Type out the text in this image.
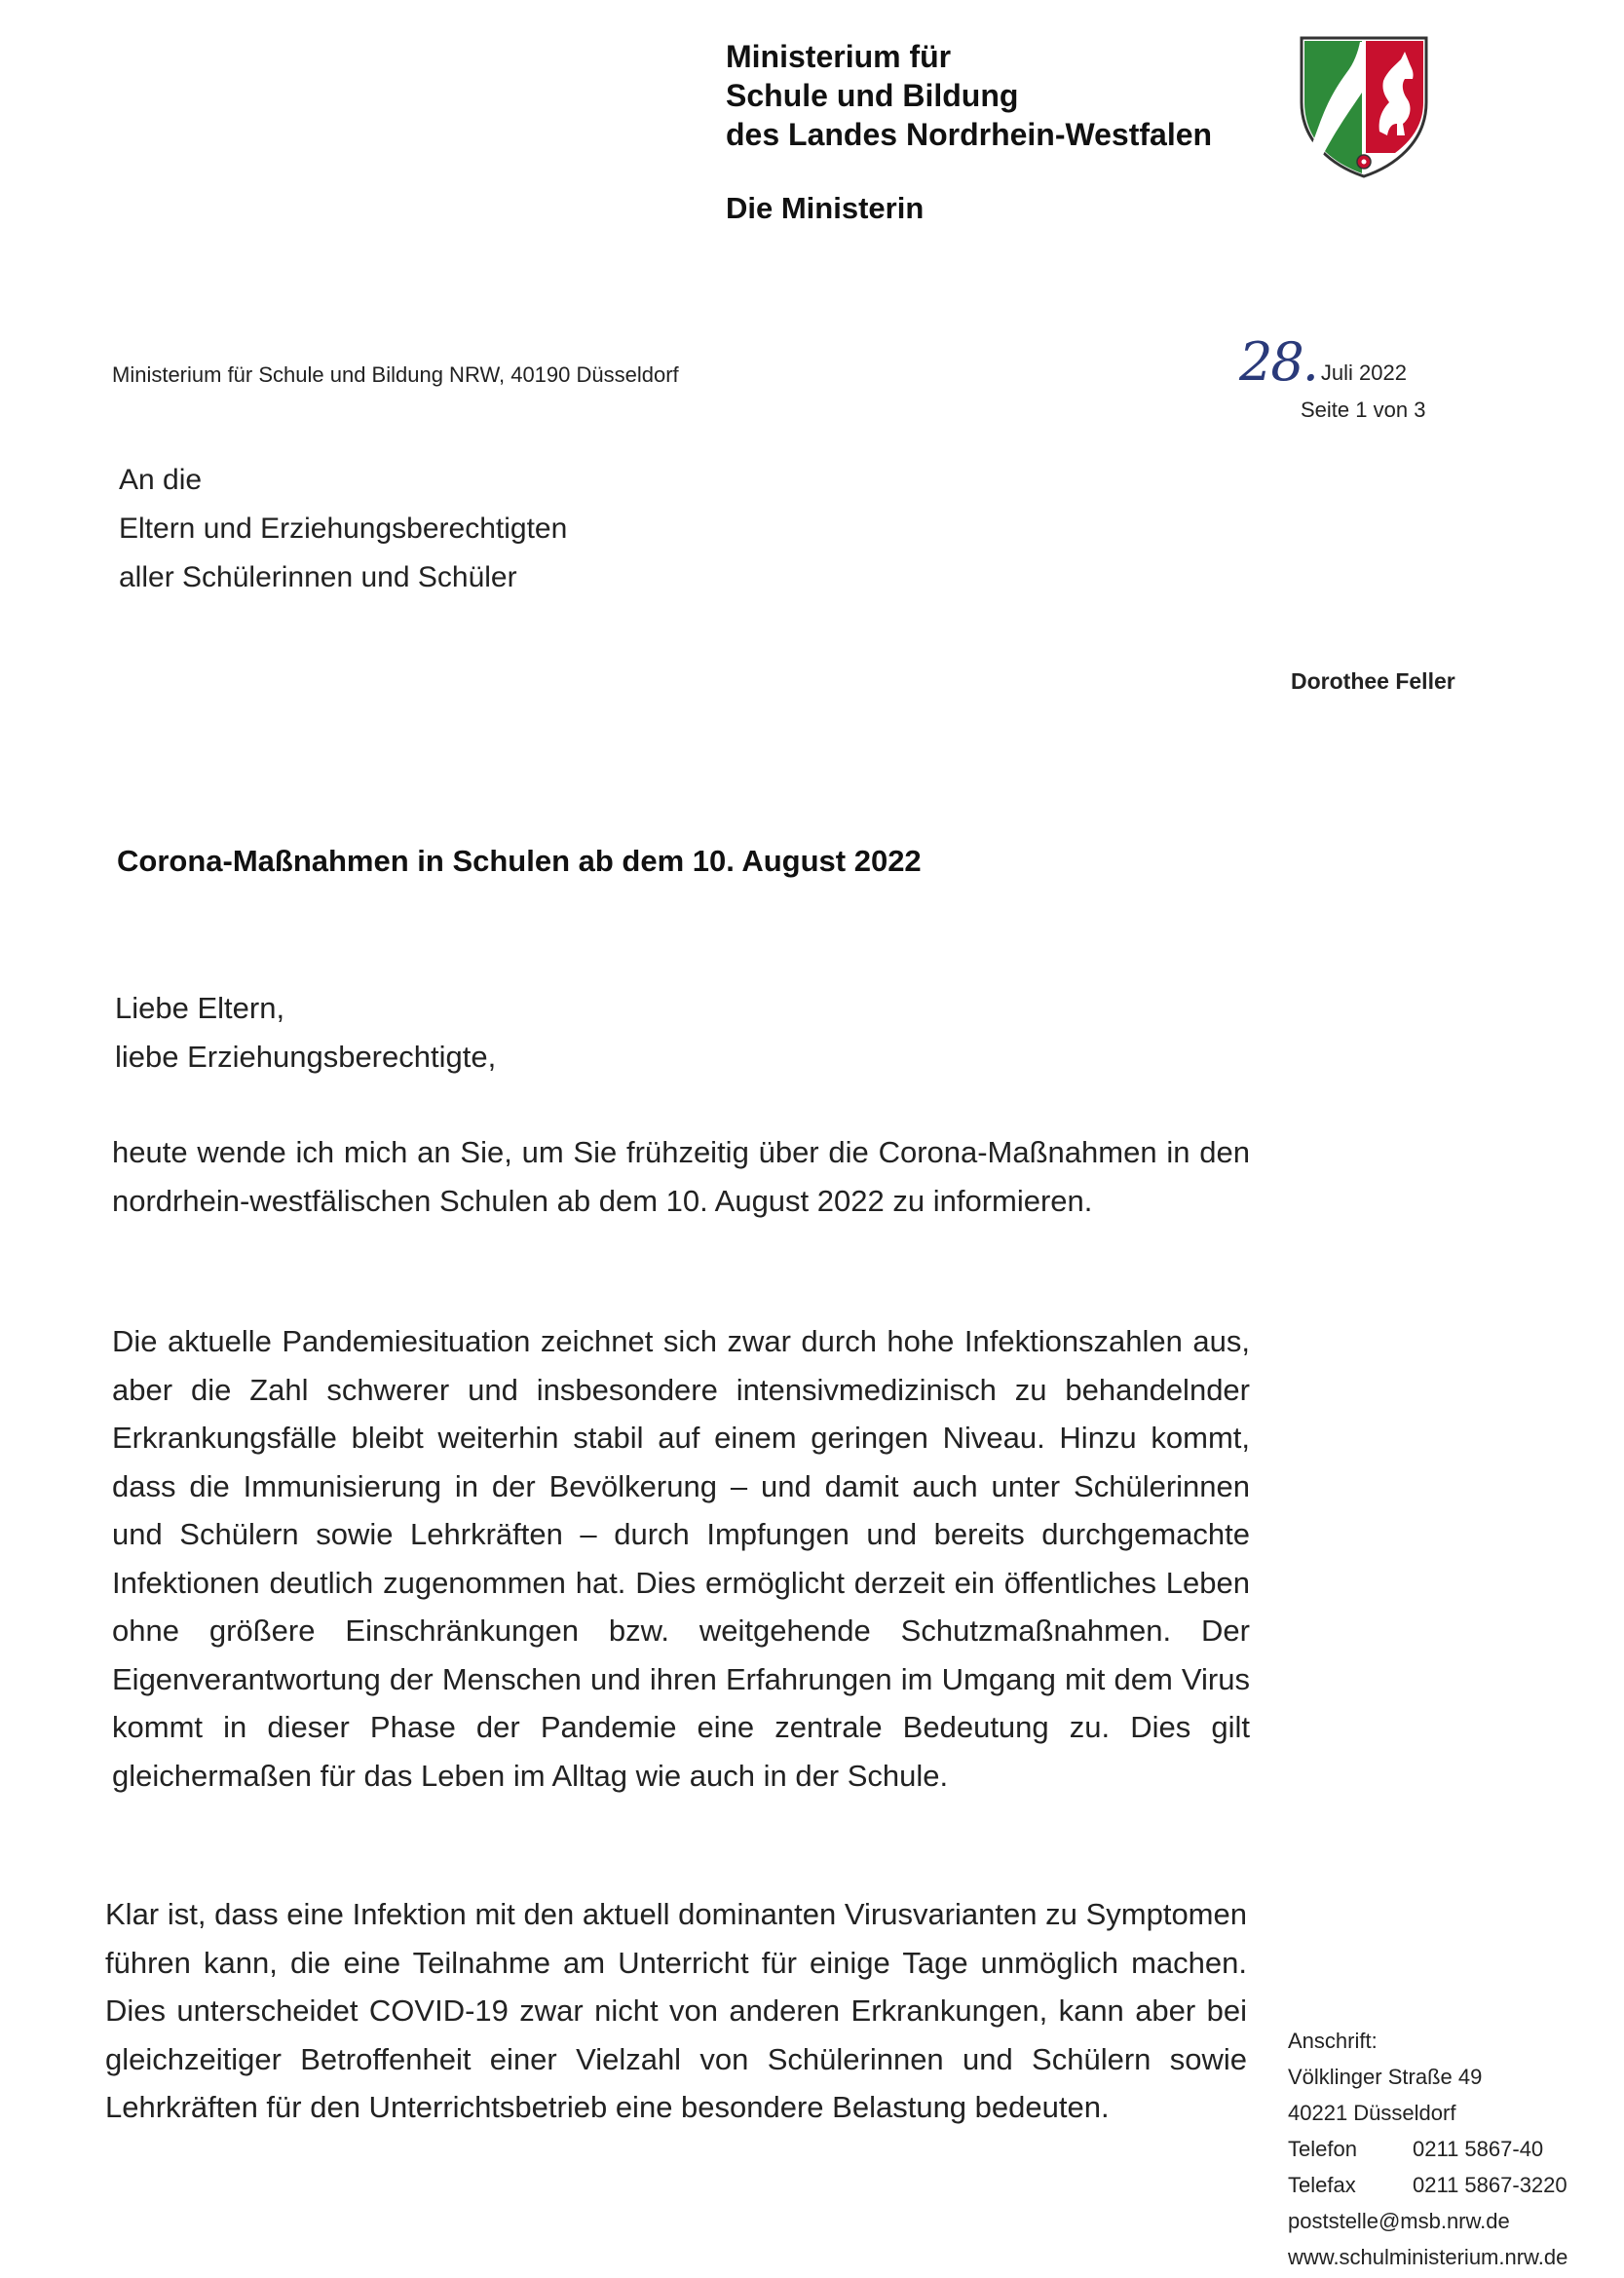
Ministerium für
Schule und Bildung
des Landes Nordrhein-Westfalen
Die Ministerin
Ministerium für Schule und Bildung NRW, 40190 Düsseldorf	28. Juli 2022
Seite 1 von 3
An die
Eltern und Erziehungsberechtigten
aller Schülerinnen und Schüler
Dorothee Feller
Corona-Maßnahmen in Schulen ab dem 10. August 2022
Liebe Eltern,
liebe Erziehungsberechtigte,

heute wende ich mich an Sie, um Sie frühzeitig über die Corona-Maßnahmen in den nordrhein-westfälischen Schulen ab dem 10. August 2022 zu informieren.

Die aktuelle Pandemiesituation zeichnet sich zwar durch hohe Infektionszahlen aus, aber die Zahl schwerer und insbesondere intensivmedizinisch zu behandelnder Erkrankungsfälle bleibt weiterhin stabil auf einem geringen Niveau. Hinzu kommt, dass die Immunisierung in der Bevölkerung – und damit auch unter Schülerinnen und Schülern sowie Lehrkräften – durch Impfungen und bereits durchgemachte Infektionen deutlich zugenommen hat. Dies ermöglicht derzeit ein öffentliches Leben ohne größere Einschränkungen bzw. weitgehende Schutzmaßnahmen. Der Eigenverantwortung der Menschen und ihren Erfahrungen im Umgang mit dem Virus kommt in dieser Phase der Pandemie eine zentrale Bedeutung zu. Dies gilt gleichermaßen für das Leben im Alltag wie auch in der Schule.

Klar ist, dass eine Infektion mit den aktuell dominanten Virusvarianten zu Symptomen führen kann, die eine Teilnahme am Unterricht für einige Tage unmöglich machen. Dies unterscheidet COVID-19 zwar nicht von anderen Erkrankungen, kann aber bei gleichzeitiger Betroffenheit einer Vielzahl von Schülerinnen und Schülern sowie Lehrkräften für den Unterrichtsbetrieb eine besondere Belastung bedeuten.

Anschrift:
Völklinger Straße 49
40221 Düsseldorf
Telefon	0211 5867-40
Telefax	0211 5867-3220
poststelle@msb.nrw.de
www.schulministerium.nrw.de
